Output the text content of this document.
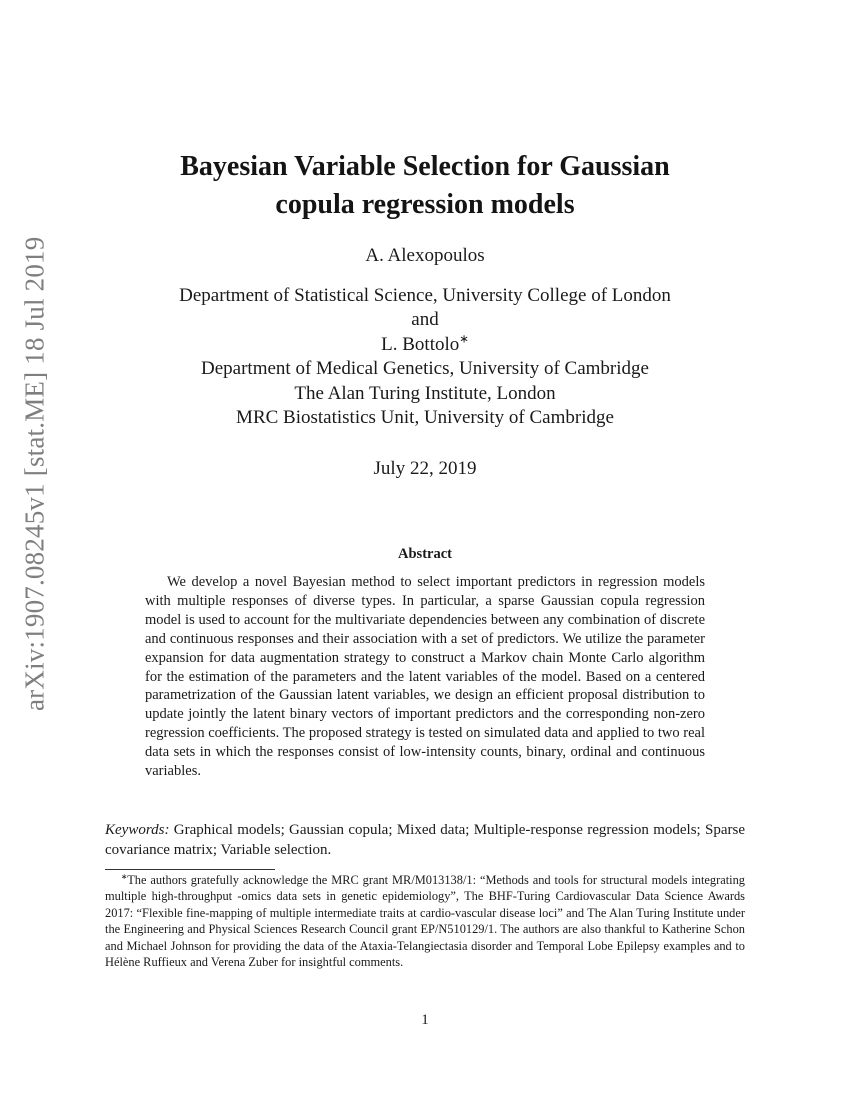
arXiv:1907.08245v1 [stat.ME] 18 Jul 2019
Bayesian Variable Selection for Gaussian
copula regression models
A. Alexopoulos
Department of Statistical Science, University College of London
and
L. Bottolo∗
Department of Medical Genetics, University of Cambridge
The Alan Turing Institute, London
MRC Biostatistics Unit, University of Cambridge
July 22, 2019
Abstract

We develop a novel Bayesian method to select important predictors in regression models with multiple responses of diverse types. In particular, a sparse Gaussian copula regression model is used to account for the multivariate dependencies between any combination of discrete and continuous responses and their association with a set of predictors. We utilize the parameter expansion for data augmentation strategy to construct a Markov chain Monte Carlo algorithm for the estimation of the parameters and the latent variables of the model. Based on a centered parametrization of the Gaussian latent variables, we design an efficient proposal distribution to update jointly the latent binary vectors of important predictors and the corresponding non-zero regression coefficients. The proposed strategy is tested on simulated data and applied to two real data sets in which the responses consist of low-intensity counts, binary, ordinal and continuous variables.

Keywords: Graphical models; Gaussian copula; Mixed data; Multiple-response regression models; Sparse covariance matrix; Variable selection.

∗The authors gratefully acknowledge the MRC grant MR/M013138/1: “Methods and tools for structural models integrating multiple high-throughput -omics data sets in genetic epidemiology”, The BHF-Turing Cardiovascular Data Science Awards 2017: “Flexible fine-mapping of multiple intermediate traits at cardio-vascular disease loci” and The Alan Turing Institute under the Engineering and Physical Sciences Research Council grant EP/N510129/1. The authors are also thankful to Katherine Schon and Michael Johnson for providing the data of the Ataxia-Telangiectasia disorder and Temporal Lobe Epilepsy examples and to Hélène Ruffieux and Verena Zuber for insightful comments.

1
